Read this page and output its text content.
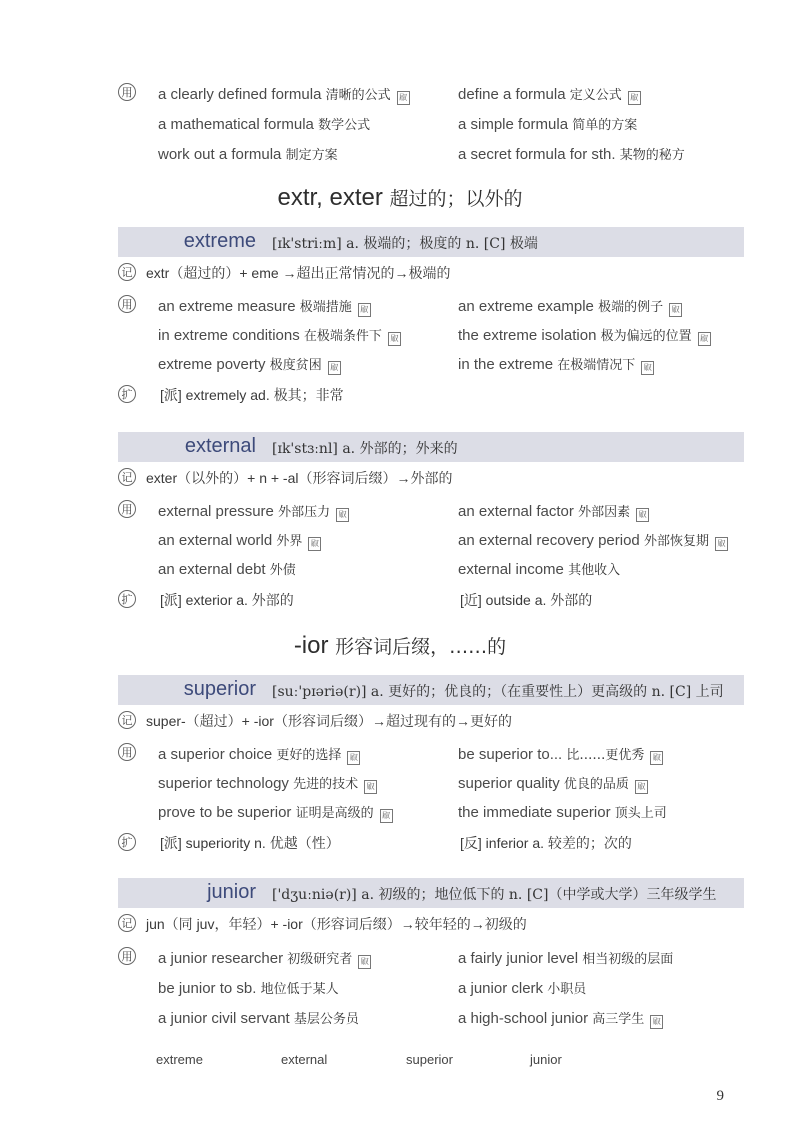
用 a clearly defined formula 清晰的公式 㕞	define a formula 定义公式 㕞
a mathematical formula 数学公式	a simple formula 简单的方案
work out a formula 制定方案	a secret formula for sth. 某物的秘方
extr, exter 超过的；以外的
extreme [ɪk'striːm] a. 极端的；极度的 n. [C] 极端
记 extr（超过的）+ eme →超出正常情况的→极端的
用 an extreme measure 极端措施 㕞	an extreme example 极端的例子 㕞
in extreme conditions 在极端条件下 㕞	the extreme isolation 极为偏远的位置 㕞
extreme poverty 极度贫困 㕞	in the extreme 在极端情况下 㕞
扩 [派] extremely ad. 极其；非常
external [ɪk'stɜːnl] a. 外部的；外来的
记 exter（以外的）+ n + -al（形容词后缀）→外部的
用 external pressure 外部压力 㕞	an external factor 外部因素 㕞
an external world 外界 㕞	an external recovery period 外部恢复期 㕞
an external debt 外债	external income 其他收入
扩 [派] exterior a. 外部的	[近] outside a. 外部的
-ior 形容词后缀，……的
superior [suː'pɪəriə(r)] a. 更好的；优良的；（在重要性上）更高级的 n. [C] 上司
记 super-（超过）+ -ior（形容词后缀）→超过现有的→更好的
用 a superior choice 更好的选择 㕞	be superior to... 比……更优秀 㕞
superior technology 先进的技术 㕞	superior quality 优良的品质 㕞
prove to be superior 证明是高级的 㕞	the immediate superior 顶头上司
扩 [派] superiority n. 优越（性）	[反] inferior a. 较差的；次的
junior ['dʒuːniə(r)] a. 初级的；地位低下的 n. [C]（中学或大学）三年级学生
记 jun（同 juv，年轻）+ -ior（形容词后缀）→较年轻的→初级的
用 a junior researcher 初级研究者 㕞	a fairly junior level 相当初级的层面
be junior to sb. 地位低于某人	a junior clerk 小职员
a junior civil servant 基层公务员	a high-school junior 高三学生 㕞
extreme	external	superior	junior
9
